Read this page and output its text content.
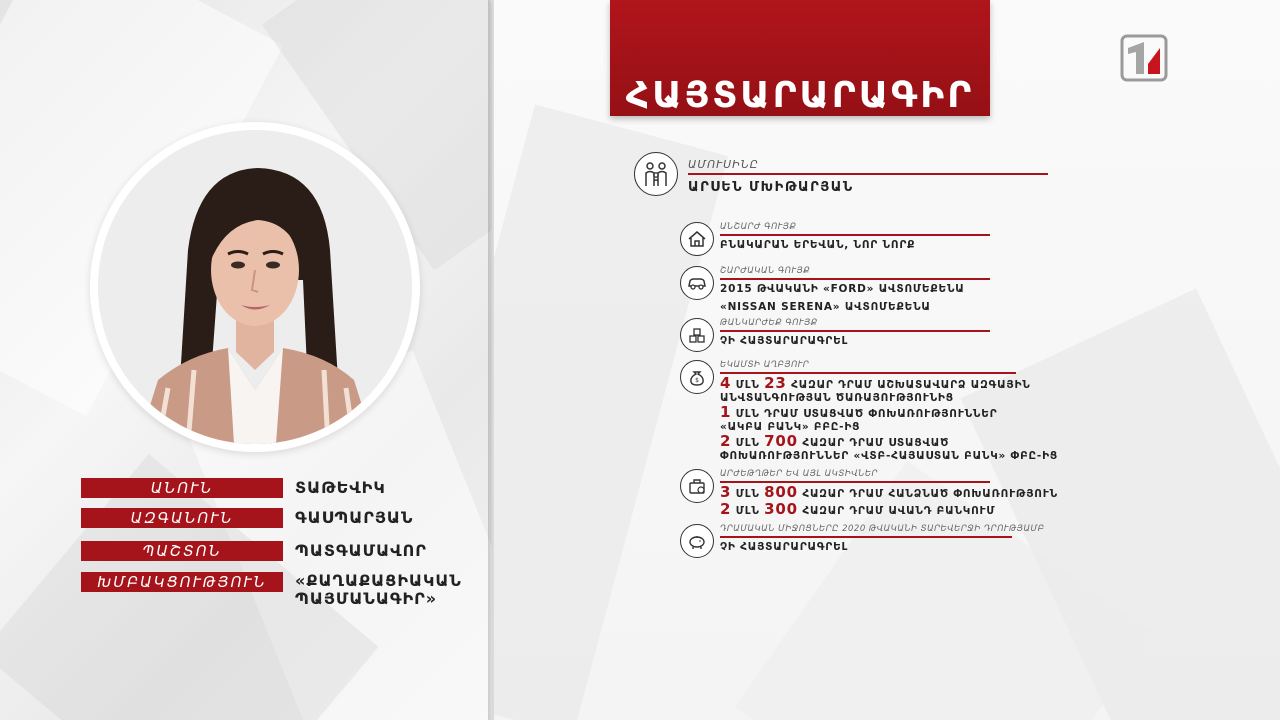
ԱՆՈՒՆ	ՏԱԹԵՎԻԿ
ԱԶԳԱՆՈՒՆ	ԳԱՍՊԱՐՅԱՆ
ՊԱՇՏՈՆ	ՊԱՏԳԱՄԱՎՈՐ
ԽՄԲԱԿՑՈՒԹՅՈՒՆ	«ՔԱՂԱՔԱՑԻԱԿԱՆ ՊԱՅՄԱՆԱԳԻՐ»
ՀԱՅՏԱՐԱՐԱԳԻՐ
ԱՄՈՒՍԻՆԸ
ԱՐՍԵՆ ՄԽԻԹԱՐՅԱՆ
ԱՆՇԱՐԺ ԳՈՒՅՔ
ԲՆԱԿԱՐԱՆ ԵՐԵՎԱՆ, ՆՈՐ ՆՈՐՔ
ՇԱՐԺԱԿԱՆ ԳՈՒՅՔ
2015 ԹՎԱԿԱՆԻ «FORD» ԱՎՏՈՄԵՔԵՆԱ
«NISSAN SERENA» ԱՎՏՈՄԵՔԵՆԱ
ԹԱՆԿԱՐԺԵՔ ԳՈՒՅՔ
ՉԻ ՀԱՅՏԱՐԱՐԱԳՐԵԼ
$
ԵԿԱՄՏԻ ԱՂԲՅՈՒՐ
4 ՄԼՆ 23 ՀԱԶԱՐ ԴՐԱՄ ԱՇԽԱՏԱՎԱՐՁ ԱԶԳԱՅԻՆ
ԱՆՎՏԱՆԳՈՒԹՅԱՆ ԾԱՌԱՅՈՒԹՅՈՒՆԻՑ
1 ՄԼՆ ԴՐԱՄ ՍՏԱՑՎԱԾ ՓՈԽԱՌՈՒԹՅՈՒՆՆԵՐ
«ԱԿԲԱ ԲԱՆԿ» ԲԲԸ-ԻՑ
2 ՄԼՆ 700 ՀԱԶԱՐ ԴՐԱՄ ՍՏԱՑՎԱԾ
ՓՈԽԱՌՈՒԹՅՈՒՆՆԵՐ «ՎՏԲ-ՀԱՅԱՍՏԱՆ ԲԱՆԿ» ՓԲԸ-ԻՑ
ԱՐԺԵԹՂԹԵՐ ԵՎ ԱՅԼ ԱԿՏԻՎՆԵՐ
3 ՄԼՆ 800 ՀԱԶԱՐ ԴՐԱՄ ՀԱՆՁՆԱԾ ՓՈԽԱՌՈՒԹՅՈՒՆ
2 ՄԼՆ 300 ՀԱԶԱՐ ԴՐԱՄ ԱՎԱՆԴ ԲԱՆԿՈՒՄ
ԴՐԱՄԱԿԱՆ ՄԻՋՈՑՆԵՐԸ 2020 ԹՎԱԿԱՆԻ ՏԱՐԵՎԵՐՋԻ ԴՐՈՒԹՅԱՄԲ
ՉԻ ՀԱՅՏԱՐԱՐԱԳՐԵԼ
